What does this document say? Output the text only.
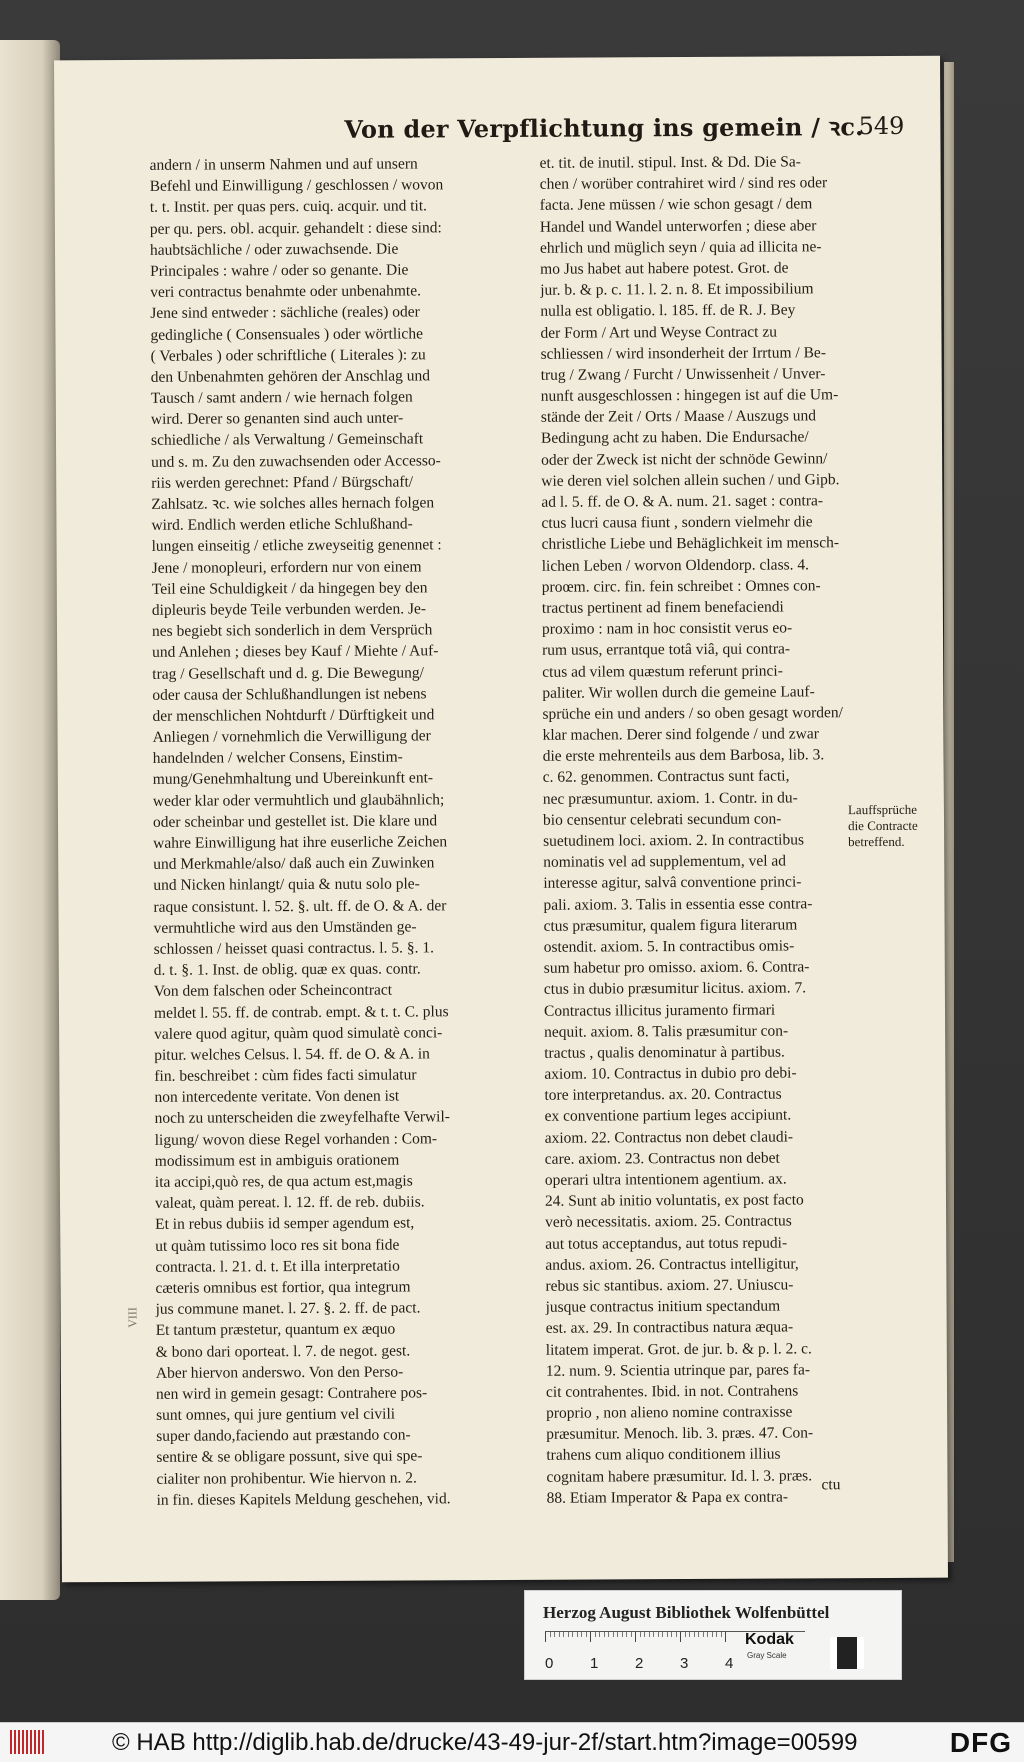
Von der Verpflichtung ins gemein / ꝛc.
549
andern / in unserm Nahmen und auf unsern
Befehl und Einwilligung / geschlossen / wovon
t. t. Instit. per quas pers. cuiq. acquir. und tit.
per qu. pers. obl. acquir. gehandelt : diese sind:
haubtsächliche / oder zuwachsende. Die
Principales : wahre / oder so genante. Die
veri contractus benahmte oder unbenahmte.
Jene sind entweder : sächliche (reales) oder
gedingliche ( Consensuales ) oder wörtliche
( Verbales ) oder schriftliche ( Literales ): zu
den Unbenahmten gehören der Anschlag und
Tausch / samt andern / wie hernach folgen
wird. Derer so genanten sind auch unter-
schiedliche / als Verwaltung / Gemeinschaft
und s. m. Zu den zuwachsenden oder Accesso-
riis werden gerechnet: Pfand / Bürgschaft/
Zahlsatz. ꝛc. wie solches alles hernach folgen
wird. Endlich werden etliche Schlußhand-
lungen einseitig / etliche zweyseitig genennet :
Jene / monopleuri, erfordern nur von einem
Teil eine Schuldigkeit / da hingegen bey den
dipleuris beyde Teile verbunden werden. Je-
nes begiebt sich sonderlich in dem Versprüch
und Anlehen ; dieses bey Kauf / Miehte / Auf-
trag / Gesellschaft und d. g. Die Bewegung/
oder causa der Schlußhandlungen ist nebens
der menschlichen Nohtdurft / Dürftigkeit und
Anliegen / vornehmlich die Verwilligung der
handelnden / welcher Consens, Einstim-
mung/Genehmhaltung und Ubereinkunft ent-
weder klar oder vermuhtlich und glaubähnlich;
oder scheinbar und gestellet ist. Die klare und
wahre Einwilligung hat ihre euserliche Zeichen
und Merkmahle/also/ daß auch ein Zuwinken
und Nicken hinlangt/ quia & nutu solo ple-
raque consistunt. l. 52. §. ult. ff. de O. & A. der
vermuhtliche wird aus den Umständen ge-
schlossen / heisset quasi contractus. l. 5. §. 1.
d. t. §. 1. Inst. de oblig. quæ ex quas. contr.
Von dem falschen oder Scheincontract
meldet l. 55. ff. de contrab. empt. & t. t. C. plus
valere quod agitur, quàm quod simulatè conci-
pitur. welches Celsus. l. 54. ff. de O. & A. in
fin. beschreibet : cùm fides facti simulatur
non intercedente veritate. Von denen ist
noch zu unterscheiden die zweyfelhafte Verwil-
ligung/ wovon diese Regel vorhanden : Com-
modissimum est in ambiguis orationem
ita accipi,quò res, de qua actum est,magis
valeat, quàm pereat. l. 12. ff. de reb. dubiis.
Et in rebus dubiis id semper agendum est,
ut quàm tutissimo loco res sit bona fide
contracta. l. 21. d. t. Et illa interpretatio
cæteris omnibus est fortior, qua integrum
jus commune manet. l. 27. §. 2. ff. de pact.
Et tantum præstetur, quantum ex æquo
& bono dari oporteat. l. 7. de negot. gest.
Aber hiervon anderswo. Von den Perso-
nen wird in gemein gesagt: Contrahere pos-
sunt omnes, qui jure gentium vel civili
super dando,faciendo aut præstando con-
sentire & se obligare possunt, sive qui spe-
cialiter non prohibentur. Wie hiervon n. 2.
in fin. dieses Kapitels Meldung geschehen, vid.
et. tit. de inutil. stipul. Inst. & Dd. Die Sa-
chen / worüber contrahiret wird / sind res oder
facta. Jene müssen / wie schon gesagt / dem
Handel und Wandel unterworfen ; diese aber
ehrlich und müglich seyn / quia ad illicita ne-
mo Jus habet aut habere potest. Grot. de
jur. b. & p. c. 11. l. 2. n. 8. Et impossibilium
nulla est obligatio. l. 185. ff. de R. J. Bey
der Form / Art und Weyse Contract zu
schliessen / wird insonderheit der Irrtum / Be-
trug / Zwang / Furcht / Unwissenheit / Unver-
nunft ausgeschlossen : hingegen ist auf die Um-
stände der Zeit / Orts / Maase / Auszugs und
Bedingung acht zu haben. Die Endursache/
oder der Zweck ist nicht der schnöde Gewinn/
wie deren viel solchen allein suchen / und Gipb.
ad l. 5. ff. de O. & A. num. 21. saget : contra-
ctus lucri causa fiunt , sondern vielmehr die
christliche Liebe und Behäglichkeit im mensch-
lichen Leben / worvon Oldendorp. class. 4.
proœm. circ. fin. fein schreibet : Omnes con-
tractus pertinent ad finem benefaciendi
proximo : nam in hoc consistit verus eo-
rum usus, errantque totâ viâ, qui contra-
ctus ad vilem quæstum referunt princi-
paliter. Wir wollen durch die gemeine Lauf-
sprüche ein und anders / so oben gesagt worden/
klar machen. Derer sind folgende / und zwar
die erste mehrenteils aus dem Barbosa, lib. 3.
c. 62. genommen. Contractus sunt facti,
nec præsumuntur. axiom. 1. Contr. in du-
bio censentur celebrati secundum con-
suetudinem loci. axiom. 2. In contractibus
nominatis vel ad supplementum, vel ad
interesse agitur, salvâ conventione princi-
pali. axiom. 3. Talis in essentia esse contra-
ctus præsumitur, qualem figura literarum
ostendit. axiom. 5. In contractibus omis-
sum habetur pro omisso. axiom. 6. Contra-
ctus in dubio præsumitur licitus. axiom. 7.
Contractus illicitus juramento firmari
nequit. axiom. 8. Talis præsumitur con-
tractus , qualis denominatur à partibus.
axiom. 10. Contractus in dubio pro debi-
tore interpretandus. ax. 20. Contractus
ex conventione partium leges accipiunt.
axiom. 22. Contractus non debet claudi-
care. axiom. 23. Contractus non debet
operari ultra intentionem agentium. ax.
24. Sunt ab initio voluntatis, ex post facto
verò necessitatis. axiom. 25. Contractus
aut totus acceptandus, aut totus repudi-
andus. axiom. 26. Contractus intelligitur,
rebus sic stantibus. axiom. 27. Uniuscu-
jusque contractus initium spectandum
est. ax. 29. In contractibus natura æqua-
litatem imperat. Grot. de jur. b. & p. l. 2. c.
12. num. 9. Scientia utrinque par, pares fa-
cit contrahentes. Ibid. in not. Contrahens
proprio , non alieno nomine contraxisse
præsumitur. Menoch. lib. 3. præs. 47. Con-
trahens cum aliquo conditionem illius
cognitam habere præsumitur. Id. l. 3. præs.
88. Etiam Imperator & Papa ex contra-
Lauffsprüche die Contracte betreffend.
ctu
VIII
Herzog August Bibliothek Wolfenbüttel
0 1 2 3 4
Kodak
Gray Scale
© HAB http://diglib.hab.de/drucke/43-49-jur-2f/start.htm?image=00599	DFG
